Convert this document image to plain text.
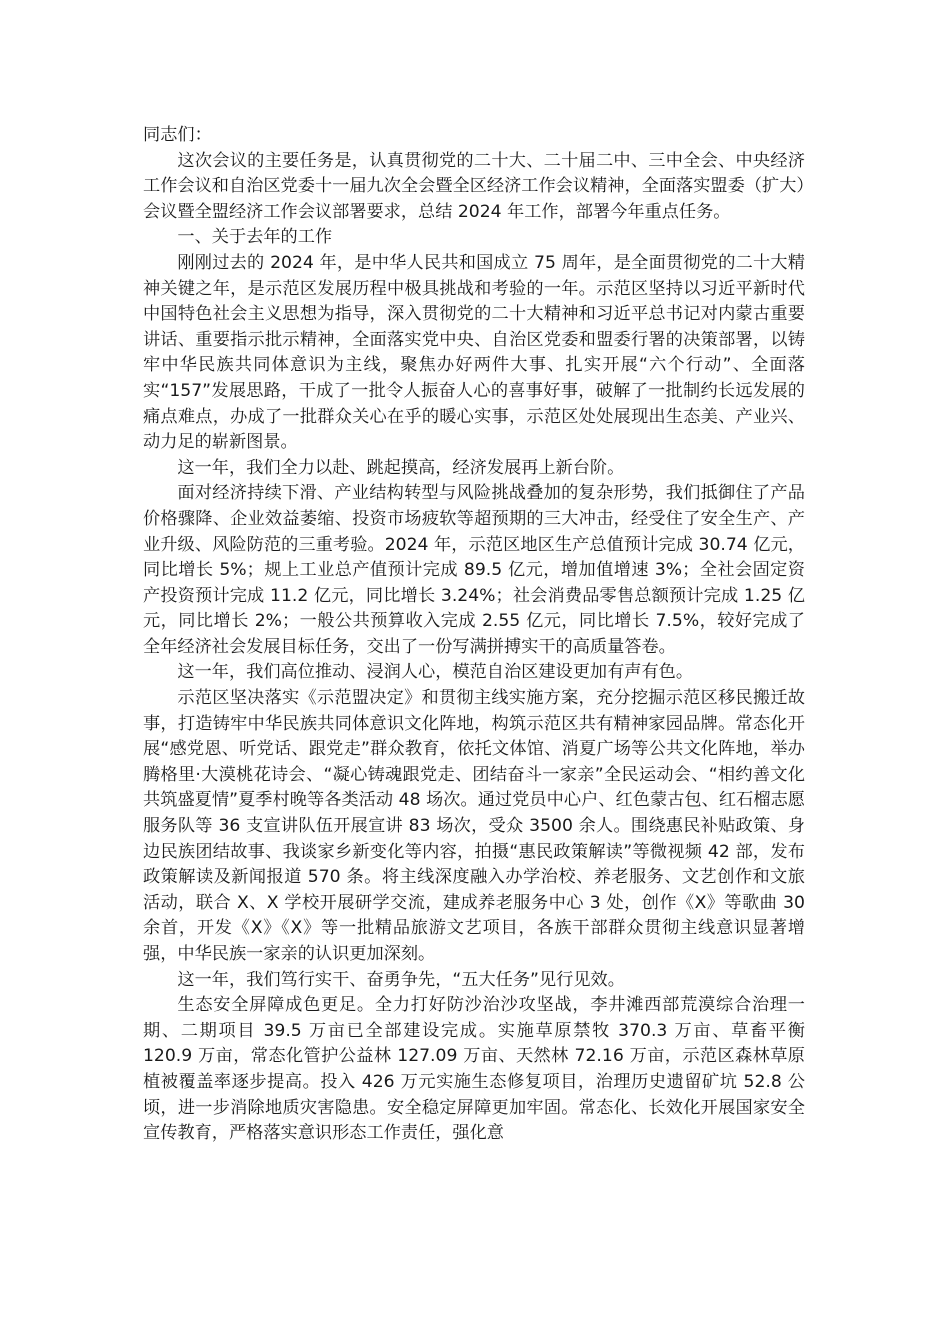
同志们：

这次会议的主要任务是，认真贯彻党的二十大、二十届二中、三中全会、中央经济工作会议和自治区党委十一届九次全会暨全区经济工作会议精神，全面落实盟委（扩大）会议暨全盟经济工作会议部署要求，总结 2024 年工作，部署今年重点任务。

一、关于去年的工作

刚刚过去的 2024 年，是中华人民共和国成立 75 周年，是全面贯彻党的二十大精神关键之年，是示范区发展历程中极具挑战和考验的一年。示范区坚持以习近平新时代中国特色社会主义思想为指导，深入贯彻党的二十大精神和习近平总书记对内蒙古重要讲话、重要指示批示精神，全面落实党中央、自治区党委和盟委行署的决策部署，以铸牢中华民族共同体意识为主线，聚焦办好两件大事、扎实开展“六个行动”、全面落实“157”发展思路，干成了一批令人振奋人心的喜事好事，破解了一批制约长远发展的痛点难点，办成了一批群众关心在乎的暖心实事，示范区处处展现出生态美、产业兴、动力足的崭新图景。

这一年，我们全力以赴、跳起摸高，经济发展再上新台阶。

面对经济持续下滑、产业结构转型与风险挑战叠加的复杂形势，我们抵御住了产品价格骤降、企业效益萎缩、投资市场疲软等超预期的三大冲击，经受住了安全生产、产业升级、风险防范的三重考验。2024 年，示范区地区生产总值预计完成 30.74 亿元，同比增长 5%；规上工业总产值预计完成 89.5 亿元，增加值增速 3%；全社会固定资产投资预计完成 11.2 亿元，同比增长 3.24%；社会消费品零售总额预计完成 1.25 亿元，同比增长 2%；一般公共预算收入完成 2.55 亿元，同比增长 7.5%，较好完成了全年经济社会发展目标任务，交出了一份写满拼搏实干的高质量答卷。

这一年，我们高位推动、浸润人心，模范自治区建设更加有声有色。

示范区坚决落实《示范盟决定》和贯彻主线实施方案，充分挖掘示范区移民搬迁故事，打造铸牢中华民族共同体意识文化阵地，构筑示范区共有精神家园品牌。常态化开展“感党恩、听党话、跟党走”群众教育，依托文体馆、消夏广场等公共文化阵地，举办腾格里·大漠桃花诗会、“凝心铸魂跟党走、团结奋斗一家亲”全民运动会、“相约善文化共筑盛夏情”夏季村晚等各类活动 48 场次。通过党员中心户、红色蒙古包、红石榴志愿服务队等 36 支宣讲队伍开展宣讲 83 场次，受众 3500 余人。围绕惠民补贴政策、身边民族团结故事、我谈家乡新变化等内容，拍摄“惠民政策解读”等微视频 42 部，发布政策解读及新闻报道 570 条。将主线深度融入办学治校、养老服务、文艺创作和文旅活动，联合 X、X 学校开展研学交流，建成养老服务中心 3 处，创作《X》等歌曲 30 余首，开发《X》《X》等一批精品旅游文艺项目，各族干部群众贯彻主线意识显著增强，中华民族一家亲的认识更加深刻。

这一年，我们笃行实干、奋勇争先，“五大任务”见行见效。

生态安全屏障成色更足。全力打好防沙治沙攻坚战，李井滩西部荒漠综合治理一期、二期项目 39.5 万亩已全部建设完成。实施草原禁牧 370.3 万亩、草畜平衡 120.9 万亩，常态化管护公益林 127.09 万亩、天然林 72.16 万亩，示范区森林草原植被覆盖率逐步提高。投入 426 万元实施生态修复项目，治理历史遗留矿坑 52.8 公顷，进一步消除地质灾害隐患。安全稳定屏障更加牢固。常态化、长效化开展国家安全宣传教育，严格落实意识形态工作责任，强化意
